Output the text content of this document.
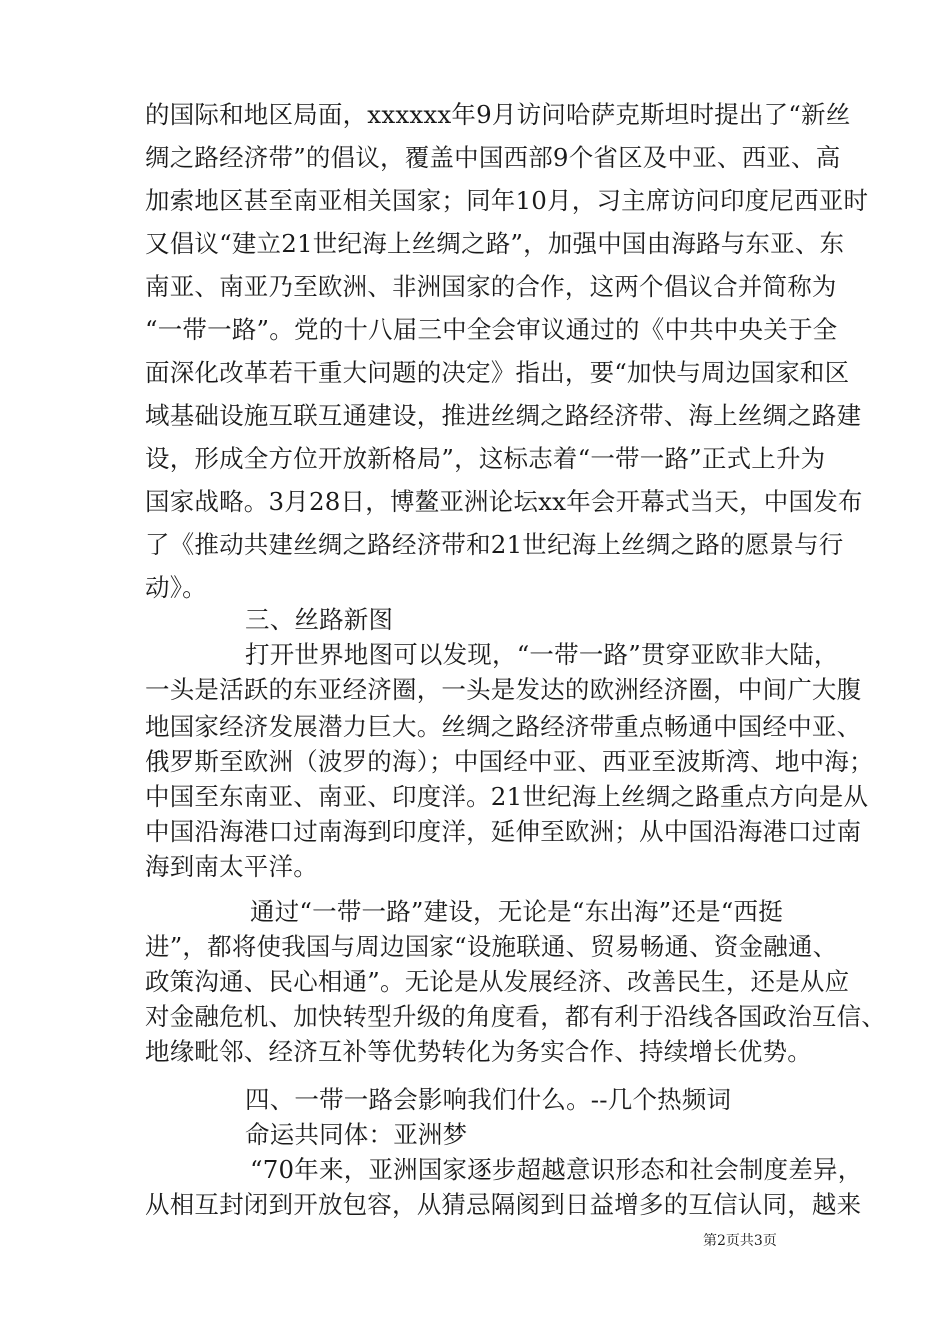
的国际和地区局面，xxxxxx年9月访问哈萨克斯坦时提出了“新丝
绸之路经济带”的倡议，覆盖中国西部9个省区及中亚、西亚、高
加索地区甚至南亚相关国家；同年10月，习主席访问印度尼西亚时
又倡议“建立21世纪海上丝绸之路”，加强中国由海路与东亚、东
南亚、南亚乃至欧洲、非洲国家的合作，这两个倡议合并简称为
“一带一路”。党的十八届三中全会审议通过的《中共中央关于全
面深化改革若干重大问题的决定》指出，要“加快与周边国家和区
域基础设施互联互通建设，推进丝绸之路经济带、海上丝绸之路建
设，形成全方位开放新格局”，这标志着“一带一路”正式上升为
国家战略。3月28日，博鳌亚洲论坛xx年会开幕式当天，中国发布
了《推动共建丝绸之路经济带和21世纪海上丝绸之路的愿景与行
动》。
三、丝路新图
打开世界地图可以发现，“一带一路”贯穿亚欧非大陆，
一头是活跃的东亚经济圈，一头是发达的欧洲经济圈，中间广大腹
地国家经济发展潜力巨大。丝绸之路经济带重点畅通中国经中亚、
俄罗斯至欧洲（波罗的海）；中国经中亚、西亚至波斯湾、地中海；
中国至东南亚、南亚、印度洋。21世纪海上丝绸之路重点方向是从
中国沿海港口过南海到印度洋，延伸至欧洲；从中国沿海港口过南
海到南太平洋。
通过“一带一路”建设，无论是“东出海”还是“西挺
进”，都将使我国与周边国家“设施联通、贸易畅通、资金融通、
政策沟通、民心相通”。无论是从发展经济、改善民生，还是从应
对金融危机、加快转型升级的角度看，都有利于沿线各国政治互信、
地缘毗邻、经济互补等优势转化为务实合作、持续增长优势。
四、一带一路会影响我们什么。--几个热频词
命运共同体：亚洲梦
“70年来，亚洲国家逐步超越意识形态和社会制度差异，
从相互封闭到开放包容，从猜忌隔阂到日益增多的互信认同，越来
第2页共3页
